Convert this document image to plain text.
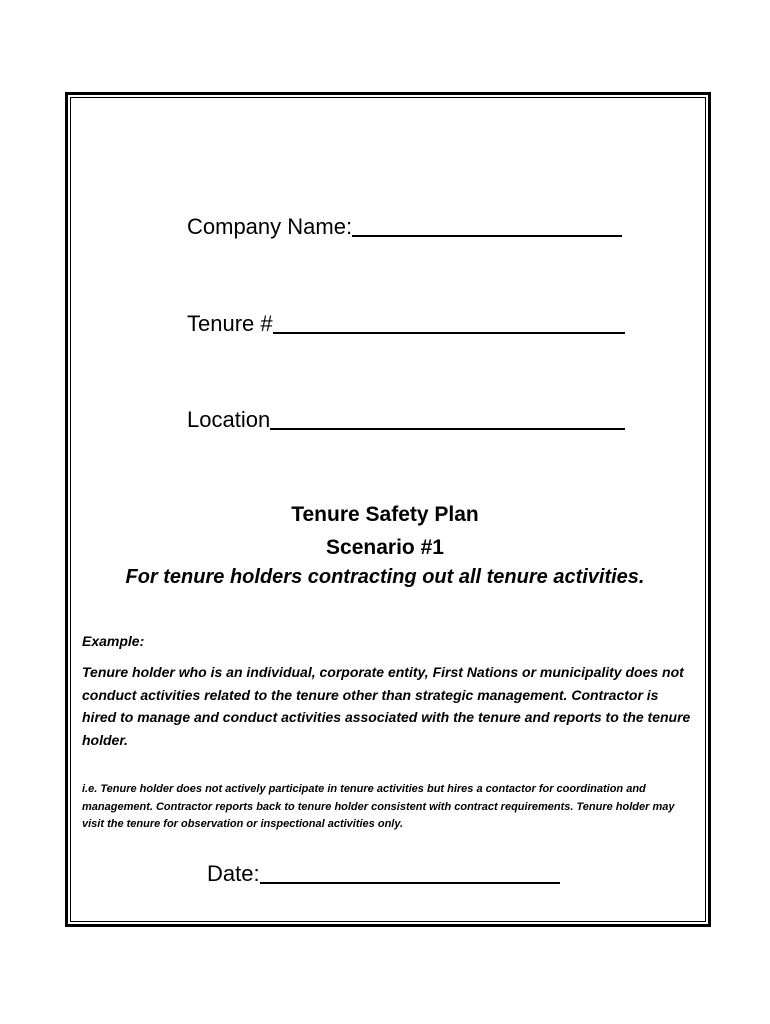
Company Name:
Tenure #
Location
Tenure Safety Plan
Scenario #1
For tenure holders contracting out all tenure activities.
Example:
Tenure holder who is an individual, corporate entity, First Nations or municipality does not conduct activities related to the tenure other than strategic management. Contractor is hired to manage and conduct activities associated with the tenure and reports to the tenure holder.
i.e. Tenure holder does not actively participate in tenure activities but hires a contactor for coordination and management. Contractor reports back to tenure holder consistent with contract requirements. Tenure holder may visit the tenure for observation or inspectional activities only.
Date:
